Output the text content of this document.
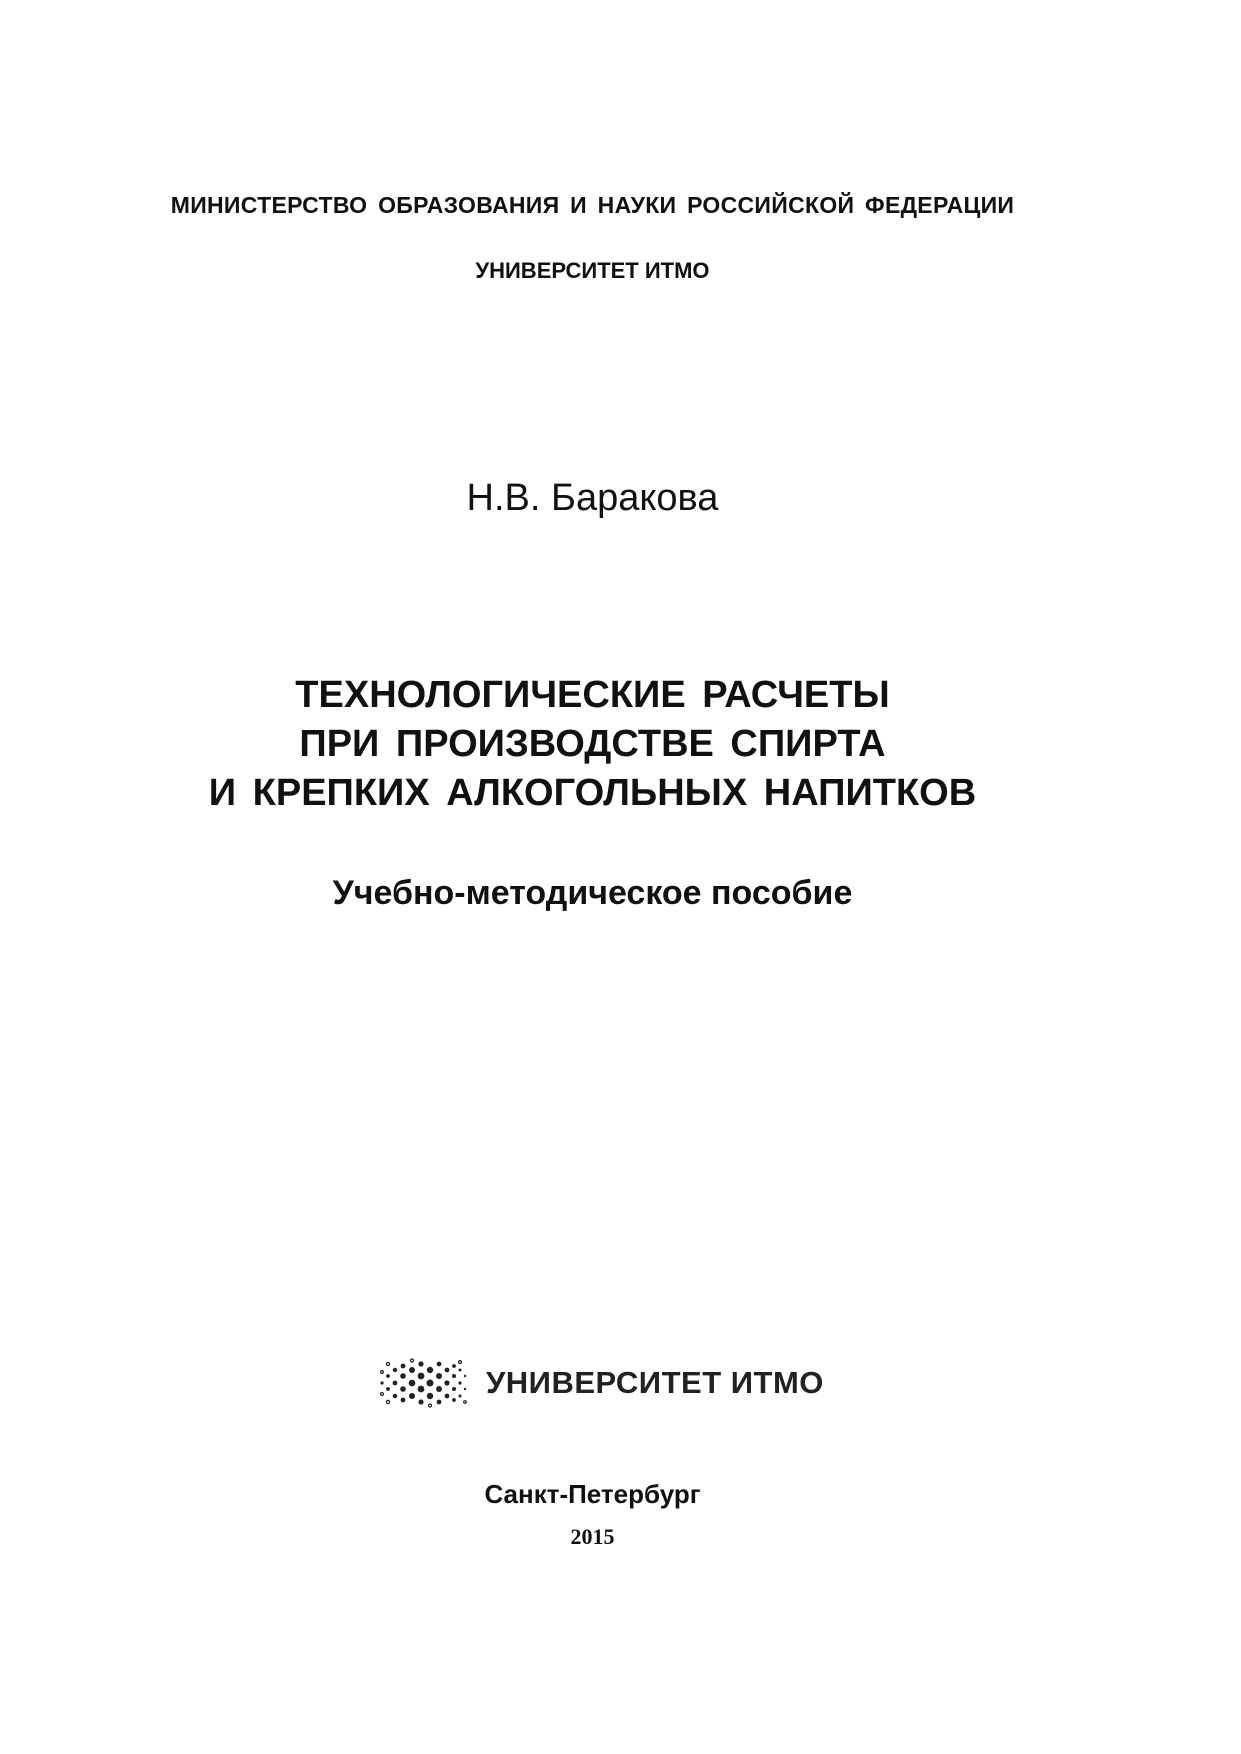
МИНИСТЕРСТВО ОБРАЗОВАНИЯ И НАУКИ РОССИЙСКОЙ ФЕДЕРАЦИИ
УНИВЕРСИТЕТ ИТМО
Н.В. Баракова
ТЕХНОЛОГИЧЕСКИЕ РАСЧЕТЫ
ПРИ ПРОИЗВОДСТВЕ СПИРТА
И КРЕПКИХ АЛКОГОЛЬНЫХ НАПИТКОВ
Учебно-методическое пособие
УНИВЕРСИТЕТ ИТМО
Санкт-Петербург
2015
